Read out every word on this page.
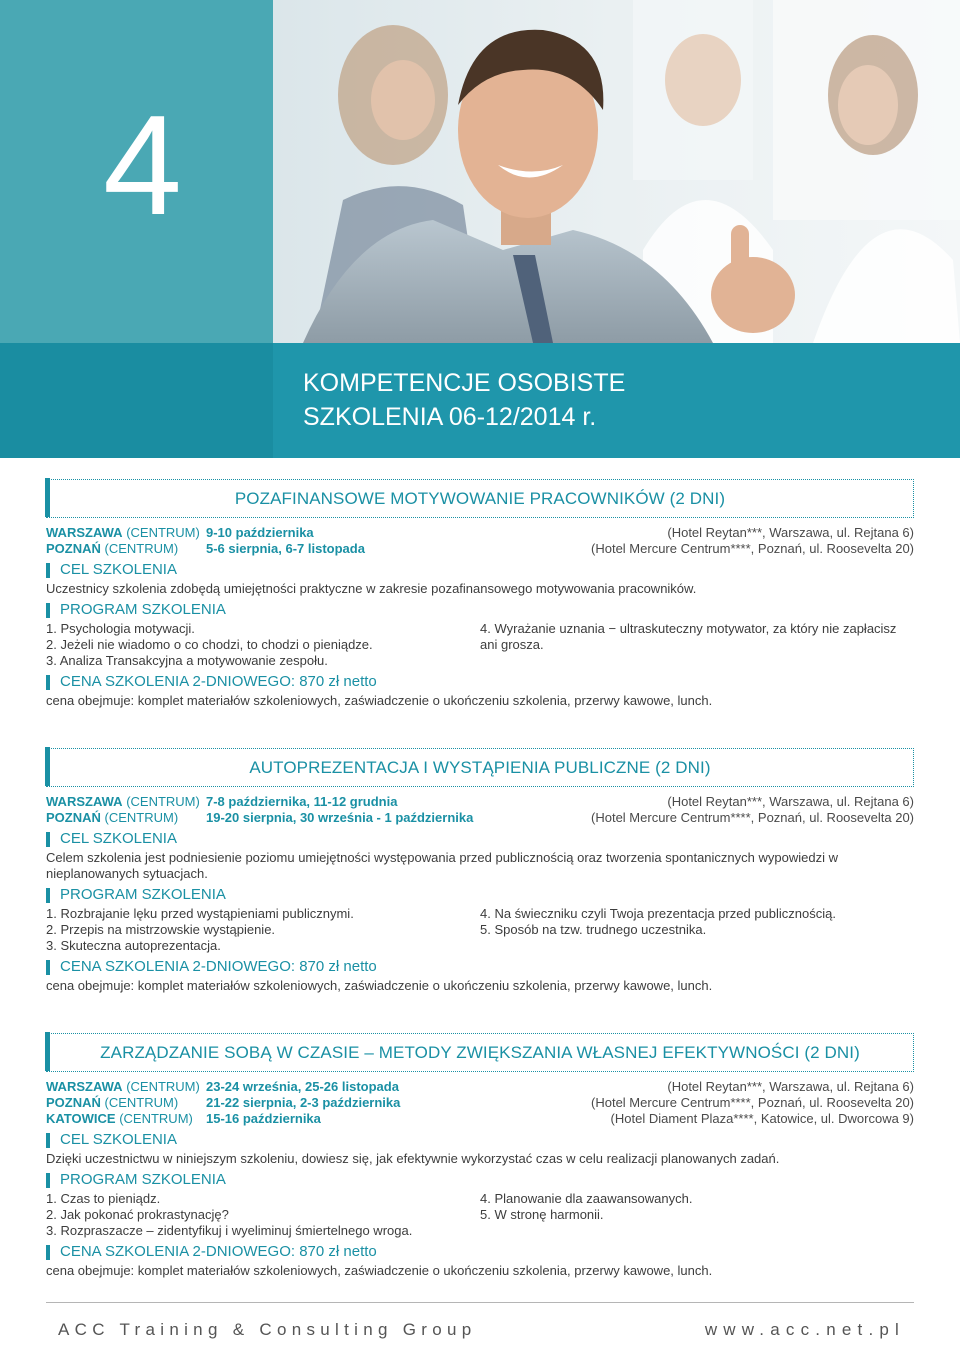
4
KOMPETENCJE OSOBISTE
SZKOLENIA 06-12/2014 r.
POZAFINANSOWE MOTYWOWANIE PRACOWNIKÓW (2 DNI)
WARSZAWA (CENTRUM) 9-10 października	(Hotel Reytan***, Warszawa, ul. Rejtana 6)
POZNAŃ (CENTRUM) 5-6 sierpnia, 6-7 listopada	(Hotel Mercure Centrum****, Poznań, ul. Roosevelta 20)
CEL SZKOLENIA
Uczestnicy szkolenia zdobędą umiejętności praktyczne w zakresie pozafinansowego motywowania pracowników.
PROGRAM SZKOLENIA
1. Psychologia motywacji.
2. Jeżeli nie wiadomo o co chodzi, to chodzi o pieniądze.
3. Analiza Transakcyjna a motywowanie zespołu.
4. Wyrażanie uznania − ultraskuteczny motywator, za który nie zapłacisz
ani grosza.
CENA SZKOLENIA 2-DNIOWEGO: 870 zł netto
cena obejmuje: komplet materiałów szkoleniowych, zaświadczenie o ukończeniu szkolenia, przerwy kawowe, lunch.
AUTOPREZENTACJA I WYSTĄPIENIA PUBLICZNE (2 DNI)
WARSZAWA (CENTRUM) 7-8 października, 11-12 grudnia	(Hotel Reytan***, Warszawa, ul. Rejtana 6)
POZNAŃ (CENTRUM) 19-20 sierpnia, 30 września - 1 października	(Hotel Mercure Centrum****, Poznań, ul. Roosevelta 20)
CEL SZKOLENIA
Celem szkolenia jest podniesienie poziomu umiejętności występowania przed publicznością oraz tworzenia spontanicznych wypowiedzi w nieplanowanych sytuacjach.
PROGRAM SZKOLENIA
1. Rozbrajanie lęku przed wystąpieniami publicznymi.
2. Przepis na mistrzowskie wystąpienie.
3. Skuteczna autoprezentacja.
4. Na świeczniku czyli Twoja prezentacja przed publicznością.
5. Sposób na tzw. trudnego uczestnika.
CENA SZKOLENIA 2-DNIOWEGO: 870 zł netto
cena obejmuje: komplet materiałów szkoleniowych, zaświadczenie o ukończeniu szkolenia, przerwy kawowe, lunch.
ZARZĄDZANIE SOBĄ W CZASIE – METODY ZWIĘKSZANIA WŁASNEJ EFEKTYWNOŚCI (2 DNI)
WARSZAWA (CENTRUM) 23-24 września, 25-26 listopada	(Hotel Reytan***, Warszawa, ul. Rejtana 6)
POZNAŃ (CENTRUM) 21-22 sierpnia, 2-3 października	(Hotel Mercure Centrum****, Poznań, ul. Roosevelta 20)
KATOWICE (CENTRUM) 15-16 października	(Hotel Diament Plaza****, Katowice, ul. Dworcowa 9)
CEL SZKOLENIA
Dzięki uczestnictwu w niniejszym szkoleniu, dowiesz się, jak efektywnie wykorzystać czas w celu realizacji planowanych zadań.
PROGRAM SZKOLENIA
1. Czas to pieniądz.
2. Jak pokonać prokrastynację?
3. Rozpraszacze – zidentyfikuj i wyeliminuj śmiertelnego wroga.
4. Planowanie dla zaawansowanych.
5. W stronę harmonii.
CENA SZKOLENIA 2-DNIOWEGO: 870 zł netto
cena obejmuje: komplet materiałów szkoleniowych, zaświadczenie o ukończeniu szkolenia, przerwy kawowe, lunch.
ACC Training & Consulting Group	www.acc.net.pl
